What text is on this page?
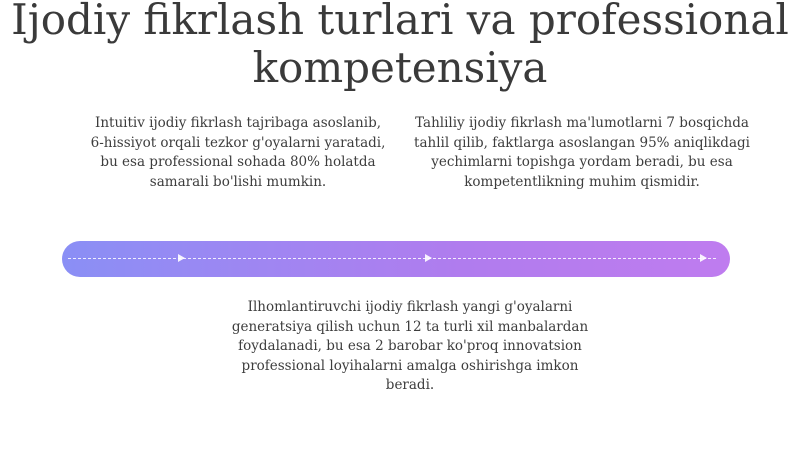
Ijodiy fikrlash turlari va professional kompetensiya

Intuitiv ijodiy fikrlash tajribaga asoslanib, 6-hissiyot orqali tezkor g'oyalarni yaratadi, bu esa professional sohada 80% holatda samarali bo'lishi mumkin.

Tahliliy ijodiy fikrlash ma'lumotlarni 7 bosqichda tahlil qilib, faktlarga asoslangan 95% aniqlikdagi yechimlarni topishga yordam beradi, bu esa kompetentlikning muhim qismidir.

Ilhomlantiruvchi ijodiy fikrlash yangi g'oyalarni generatsiya qilish uchun 12 ta turli xil manbalardan foydalanadi, bu esa 2 barobar ko'proq innovatsion professional loyihalarni amalga oshirishga imkon beradi.
